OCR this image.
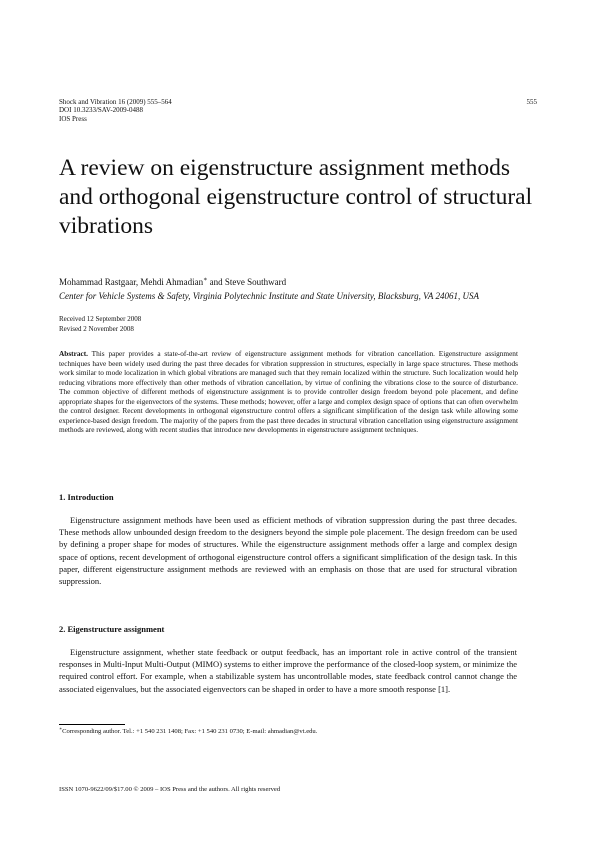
Shock and Vibration 16 (2009) 555–564
DOI 10.3233/SAV-2009-0488
IOS Press
555
A review on eigenstructure assignment methods and orthogonal eigenstructure control of structural vibrations
Mohammad Rastgaar, Mehdi Ahmadian∗ and Steve Southward
Center for Vehicle Systems & Safety, Virginia Polytechnic Institute and State University, Blacksburg, VA 24061, USA
Received 12 September 2008
Revised 2 November 2008
Abstract. This paper provides a state-of-the-art review of eigenstructure assignment methods for vibration cancellation. Eigenstructure assignment techniques have been widely used during the past three decades for vibration suppression in structures, especially in large space structures. These methods work similar to mode localization in which global vibrations are managed such that they remain localized within the structure. Such localization would help reducing vibrations more effectively than other methods of vibration cancellation, by virtue of confining the vibrations close to the source of disturbance. The common objective of different methods of eigenstructure assignment is to provide controller design freedom beyond pole placement, and define appropriate shapes for the eigenvectors of the systems. These methods; however, offer a large and complex design space of options that can often overwhelm the control designer. Recent developments in orthogonal eigenstructure control offers a significant simplification of the design task while allowing some experience-based design freedom. The majority of the papers from the past three decades in structural vibration cancellation using eigenstructure assignment methods are reviewed, along with recent studies that introduce new developments in eigenstructure assignment techniques.
1. Introduction
Eigenstructure assignment methods have been used as efficient methods of vibration suppression during the past three decades. These methods allow unbounded design freedom to the designers beyond the simple pole placement. The design freedom can be used by defining a proper shape for modes of structures. While the eigenstructure assignment methods offer a large and complex design space of options, recent development of orthogonal eigenstructure control offers a significant simplification of the design task. In this paper, different eigenstructure assignment methods are reviewed with an emphasis on those that are used for structural vibration suppression.
2. Eigenstructure assignment
Eigenstructure assignment, whether state feedback or output feedback, has an important role in active control of the transient responses in Multi-Input Multi-Output (MIMO) systems to either improve the performance of the closed-loop system, or minimize the required control effort. For example, when a stabilizable system has uncontrollable modes, state feedback control cannot change the associated eigenvalues, but the associated eigenvectors can be shaped in order to have a more smooth response [1].
∗Corresponding author. Tel.: +1 540 231 1408; Fax: +1 540 231 0730; E-mail: ahmadian@vt.edu.
ISSN 1070-9622/09/$17.00 © 2009 – IOS Press and the authors. All rights reserved
